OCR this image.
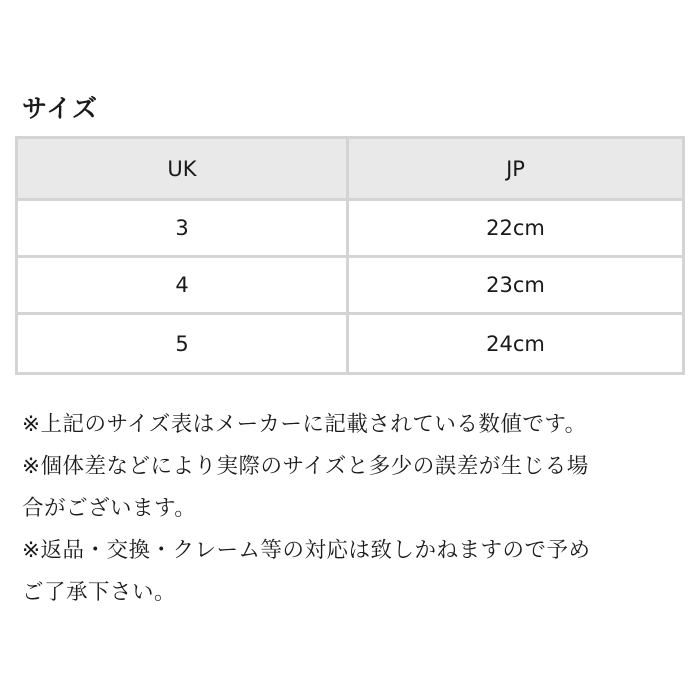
サイズ
UK	JP
3	22cm
4	23cm
5	24cm

※上記のサイズ表はメーカーに記載されている数値です。

※個体差などにより実際のサイズと多少の誤差が生じる場
合がございます。

※返品・交換・クレーム等の対応は致しかねますので予め
ご了承下さい。
